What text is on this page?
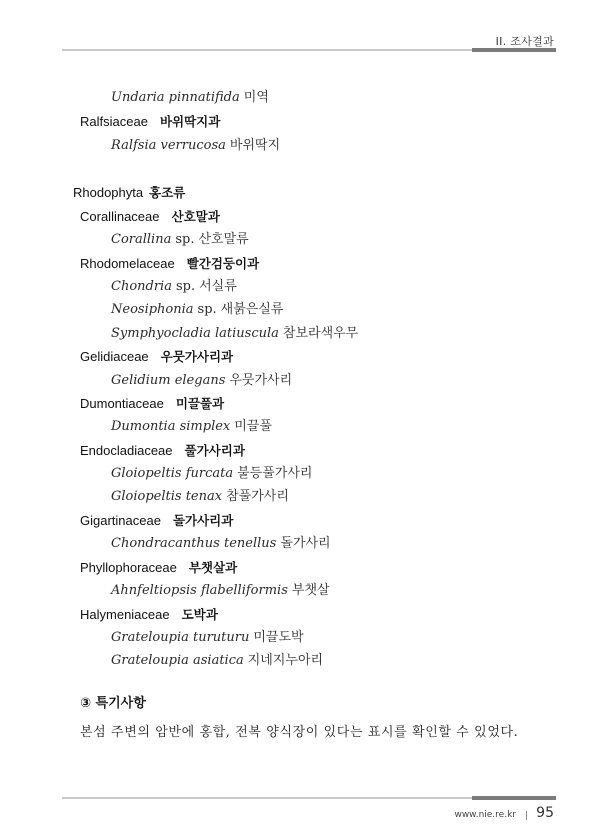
II. 조사결과
Undaria pinnatifida 미역
Ralfsiaceae 바위딱지과
Ralfsia verrucosa 바위딱지
Rhodophyta 홍조류
Corallinaceae 산호말과
Corallina sp. 산호말류
Rhodomelaceae 빨간검둥이과
Chondria sp. 서실류
Neosiphonia sp. 새붉은실류
Symphyocladia latiuscula 참보라색우무
Gelidiaceae 우뭇가사리과
Gelidium elegans 우뭇가사리
Dumontiaceae 미끌풀과
Dumontia simplex 미끌풀
Endocladiaceae 풀가사리과
Gloiopeltis furcata 불등풀가사리
Gloiopeltis tenax 참풀가사리
Gigartinaceae 돌가사리과
Chondracanthus tenellus 돌가사리
Phyllophoraceae 부챗살과
Ahnfeltiopsis flabelliformis 부챗살
Halymeniaceae 도박과
Grateloupia turuturu 미끌도박
Grateloupia asiatica 지네지누아리
③ 특기사항
본섬 주변의 암반에 홍합, 전복 양식장이 있다는 표시를 확인할 수 있었다.
www.nie.re.kr 95
